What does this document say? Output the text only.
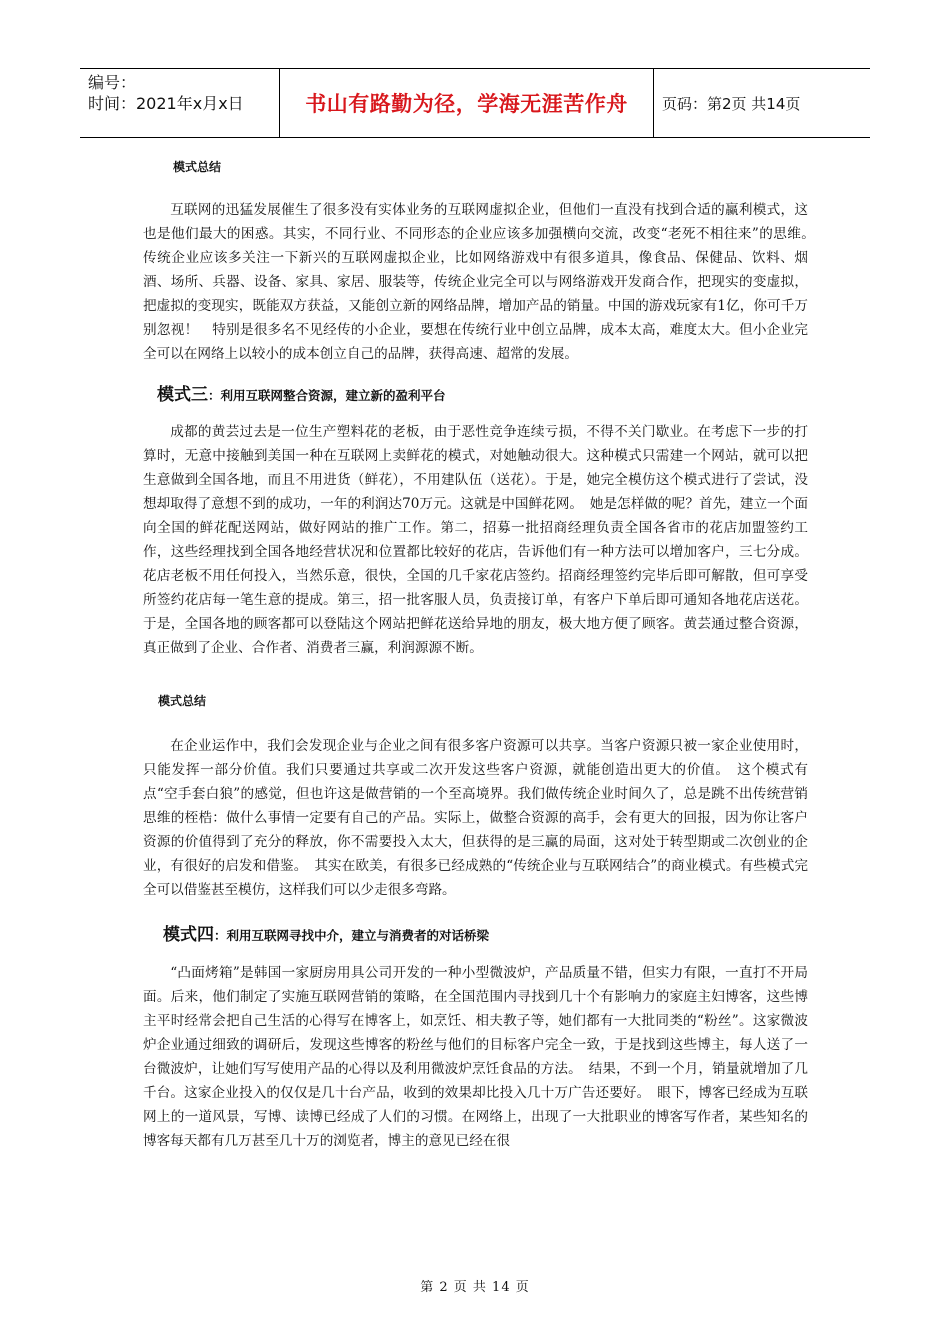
编号：
时间：2021年x月x日	书山有路勤为径，学海无涯苦作舟	页码：第2页 共14页

模式总结

互联网的迅猛发展催生了很多没有实体业务的互联网虚拟企业，但他们一直没有找到合适的赢利模式，这也是他们最大的困惑。其实，不同行业、不同形态的企业应该多加强横向交流，改变“老死不相往来”的思维。　　传统企业应该多关注一下新兴的互联网虚拟企业，比如网络游戏中有很多道具，像食品、保健品、饮料、烟酒、场所、兵器、设备、家具、家居、服装等，传统企业完全可以与网络游戏开发商合作，把现实的变虚拟，把虚拟的变现实，既能双方获益，又能创立新的网络品牌，增加产品的销量。中国的游戏玩家有1亿，你可千万别忽视！　特别是很多名不见经传的小企业，要想在传统行业中创立品牌，成本太高，难度太大。但小企业完全可以在网络上以较小的成本创立自己的品牌，获得高速、超常的发展。

模式三 ：利用互联网整合资源，建立新的盈利平台

成都的黄芸过去是一位生产塑料花的老板，由于恶性竞争连续亏损，不得不关门歇业。在考虑下一步的打算时，无意中接触到美国一种在互联网上卖鲜花的模式，对她触动很大。这种模式只需建一个网站，就可以把生意做到全国各地，而且不用进货（鲜花），不用建队伍（送花）。于是，她完全模仿这个模式进行了尝试，没想却取得了意想不到的成功，一年的利润达70万元。这就是中国鲜花网。　她是怎样做的呢？首先，建立一个面向全国的鲜花配送网站，做好网站的推广工作。第二，招募一批招商经理负责全国各省市的花店加盟签约工作，这些经理找到全国各地经营状况和位置都比较好的花店，告诉他们有一种方法可以增加客户，三七分成。花店老板不用任何投入，当然乐意，很快，全国的几千家花店签约。招商经理签约完毕后即可解散，但可享受所签约花店每一笔生意的提成。第三，招一批客服人员，负责接订单，有客户下单后即可通知各地花店送花。于是，全国各地的顾客都可以登陆这个网站把鲜花送给异地的朋友，极大地方便了顾客。黄芸通过整合资源，真正做到了企业、合作者、消费者三赢，利润源源不断。

模式总结

在企业运作中，我们会发现企业与企业之间有很多客户资源可以共享。当客户资源只被一家企业使用时，只能发挥一部分价值。我们只要通过共享或二次开发这些客户资源，就能创造出更大的价值。　这个模式有点“空手套白狼”的感觉，但也许这是做营销的一个至高境界。我们做传统企业时间久了，总是跳不出传统营销思维的桎梏：做什么事情一定要有自己的产品。实际上，做整合资源的高手，会有更大的回报，因为你让客户资源的价值得到了充分的释放，你不需要投入太大，但获得的是三赢的局面，这对处于转型期或二次创业的企业，有很好的启发和借鉴。　其实在欧美，有很多已经成熟的“传统企业与互联网结合”的商业模式。有些模式完全可以借鉴甚至模仿，这样我们可以少走很多弯路。

模式四 ：利用互联网寻找中介，建立与消费者的对话桥梁

“凸面烤箱”是韩国一家厨房用具公司开发的一种小型微波炉，产品质量不错，但实力有限，一直打不开局面。后来，他们制定了实施互联网营销的策略，在全国范围内寻找到几十个有影响力的家庭主妇博客，这些博主平时经常会把自己生活的心得写在博客上，如烹饪、相夫教子等，她们都有一大批同类的“粉丝”。这家微波炉企业通过细致的调研后，发现这些博客的粉丝与他们的目标客户完全一致，于是找到这些博主，每人送了一台微波炉，让她们写写使用产品的心得以及利用微波炉烹饪食品的方法。　结果，不到一个月，销量就增加了几千台。这家企业投入的仅仅是几十台产品，收到的效果却比投入几十万广告还要好。　眼下，博客已经成为互联网上的一道风景，写博、读博已经成了人们的习惯。在网络上，出现了一大批职业的博客写作者，某些知名的博客每天都有几万甚至几十万的浏览者，博主的意见已经在很

第 2 页 共 14 页
